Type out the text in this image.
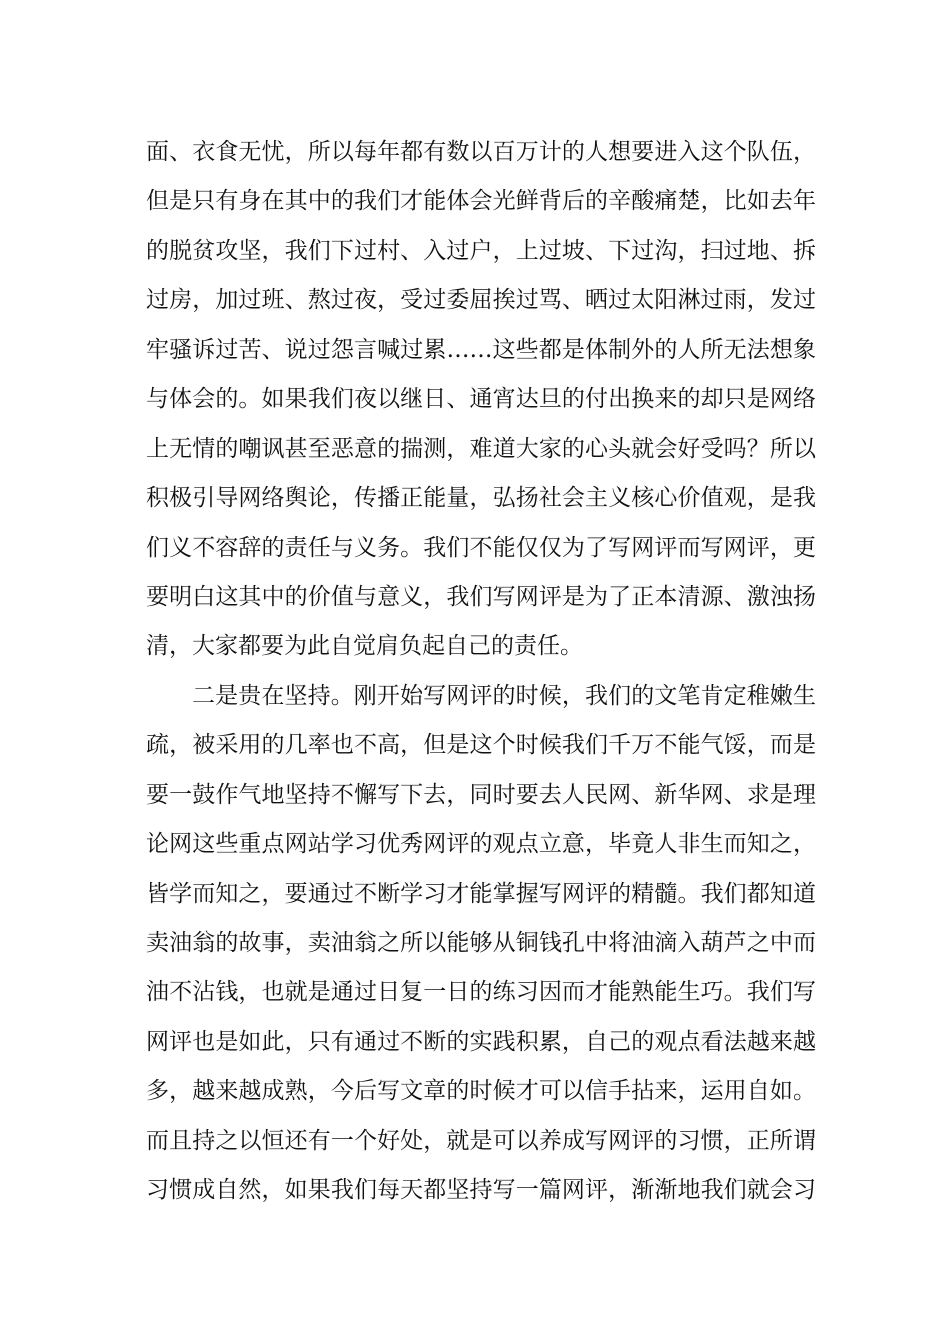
面、衣食无忧，所以每年都有数以百万计的人想要进入这个队伍，
但是只有身在其中的我们才能体会光鲜背后的辛酸痛楚，比如去年
的脱贫攻坚，我们下过村、入过户，上过坡、下过沟，扫过地、拆
过房，加过班、熬过夜，受过委屈挨过骂、晒过太阳淋过雨，发过
牢骚诉过苦、说过怨言喊过累……这些都是体制外的人所无法想象
与体会的。如果我们夜以继日、通宵达旦的付出换来的却只是网络
上无情的嘲讽甚至恶意的揣测，难道大家的心头就会好受吗？所以
积极引导网络舆论，传播正能量，弘扬社会主义核心价值观，是我
们义不容辞的责任与义务。我们不能仅仅为了写网评而写网评，更
要明白这其中的价值与意义，我们写网评是为了正本清源、激浊扬
清，大家都要为此自觉肩负起自己的责任。
二是贵在坚持。刚开始写网评的时候，我们的文笔肯定稚嫩生
疏，被采用的几率也不高，但是这个时候我们千万不能气馁，而是
要一鼓作气地坚持不懈写下去，同时要去人民网、新华网、求是理
论网这些重点网站学习优秀网评的观点立意，毕竟人非生而知之，
皆学而知之，要通过不断学习才能掌握写网评的精髓。我们都知道
卖油翁的故事，卖油翁之所以能够从铜钱孔中将油滴入葫芦之中而
油不沾钱，也就是通过日复一日的练习因而才能熟能生巧。我们写
网评也是如此，只有通过不断的实践积累，自己的观点看法越来越
多，越来越成熟，今后写文章的时候才可以信手拈来，运用自如。
而且持之以恒还有一个好处，就是可以养成写网评的习惯，正所谓
习惯成自然，如果我们每天都坚持写一篇网评，渐渐地我们就会习
